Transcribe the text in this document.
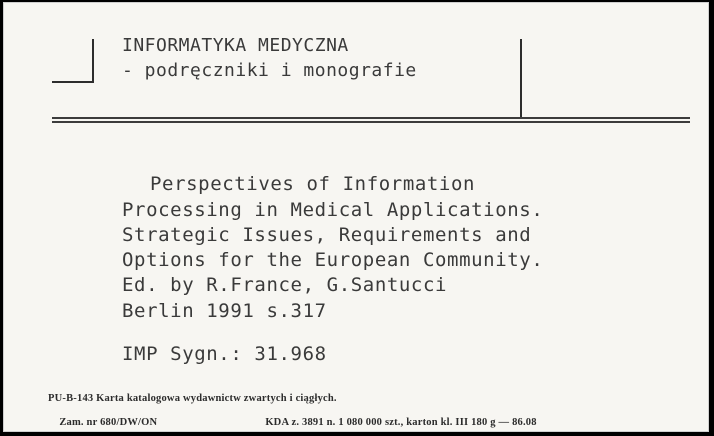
INFORMATYKA MEDYCZNA
- podręczniki i monografie
Perspectives of Information
Processing in Medical Applications.
Strategic Issues, Requirements and
Options for the European Community.
Ed. by R.France, G.Santucci
Berlin 1991 s.317
IMP Sygn.: 31.968
PU-B-143 Karta katalogowa wydawnictw zwartych i ciągłych.

Zam. nr 680/DW/ON	KDA z. 3891 n. 1 080 000 szt., karton kl. III 180 g — 86.08
